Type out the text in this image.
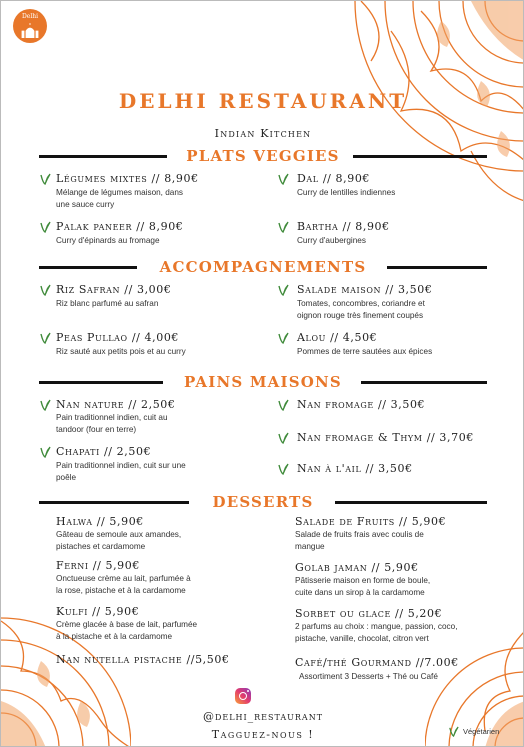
Delhi
DELHI RESTAURANT
Indian Kitchen
PLATS VEGGIES
Légumes mixtes // 8,90€
Mélange de légumes maison, dans
une sauce curry
Dal // 8,90€
Curry de lentilles indiennes
Palak paneer // 8,90€
Curry d'épinards au fromage
Bartha // 8,90€
Curry d'aubergines
ACCOMPAGNEMENTS
Riz Safran // 3,00€
Riz blanc parfumé au safran
Salade maison // 3,50€
Tomates, concombres, coriandre et
oignon rouge très finement coupés
Peas Pullao // 4,00€
Riz sauté aux petits pois et au curry
Alou // 4,50€
Pommes de terre sautées aux épices
PAINS MAISONS
Nan nature // 2,50€
Pain traditionnel indien, cuit au
tandoor (four en terre)
Nan fromage // 3,50€
Chapati // 2,50€
Pain traditionnel indien, cuit sur une
poêle
Nan fromage & Thym // 3,70€
Nan à l'ail // 3,50€
DESSERTS
Halwa // 5,90€
Gâteau de semoule aux amandes,
pistaches et cardamome
Salade de Fruits // 5,90€
Salade de fruits frais avec coulis de
mangue
Ferni // 5,90€
Onctueuse crème au lait, parfumée à
la rose, pistache et à la cardamome
Golab jaman // 5,90€
Pâtisserie maison en forme de boule,
cuite dans un sirop à la cardamome
Kulfi // 5,90€
Crème glacée à base de lait, parfumée
à la pistache et à la cardamome
Sorbet ou glace // 5,20€
2 parfums au choix : mangue, passion, coco,
pistache, vanille, chocolat, citron vert
Nan nutella pistache //5,50€	Café/thé Gourmand //7.00€
Assortiment 3 Desserts + Thé ou Café
@delhi_restaurant
Tagguez-nous !	Végétarien
